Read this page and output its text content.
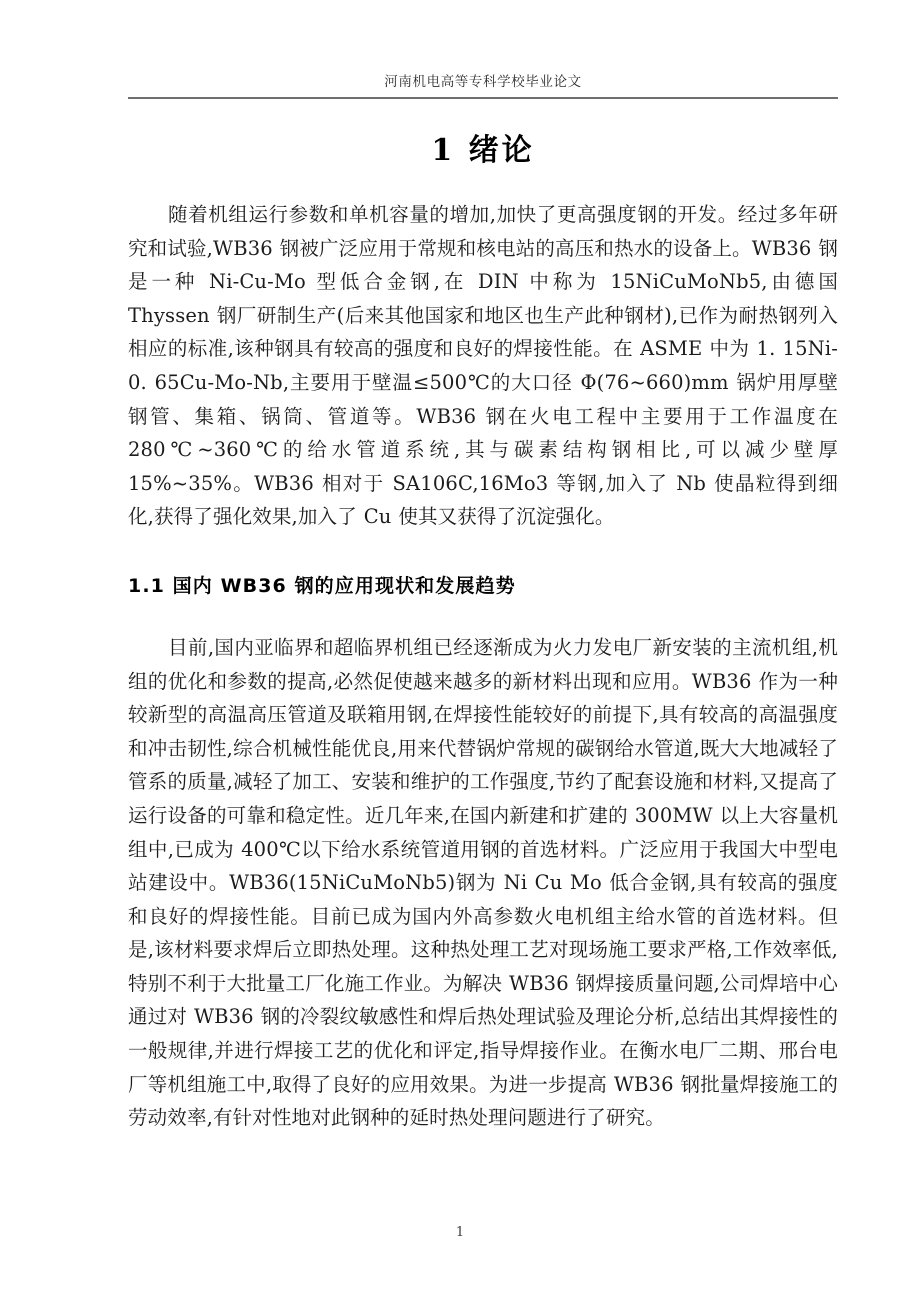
河南机电高等专科学校毕业论文
1 绪论

随着机组运行参数和单机容量的增加,加快了更高强度钢的开发。经过多年研究和试验,WB36 钢被广泛应用于常规和核电站的高压和热水的设备上。WB36 钢是一种 Ni-Cu-Mo 型低合金钢,在 DIN 中称为 15NiCuMoNb5,由德国 Thyssen 钢厂研制生产(后来其他国家和地区也生产此种钢材),已作为耐热钢列入相应的标准,该种钢具有较高的强度和良好的焊接性能。在 ASME 中为 1. 15Ni-0. 65Cu-Mo-Nb,主要用于壁温≤500℃的大口径 Φ(76~660)mm 锅炉用厚壁钢管、集箱、锅筒、管道等。WB36 钢在火电工程中主要用于工作温度在 280℃~360℃的给水管道系统,其与碳素结构钢相比,可以减少壁厚 15%~35%。WB36 相对于 SA106C,16Mo3 等钢,加入了 Nb 使晶粒得到细化,获得了强化效果,加入了 Cu 使其又获得了沉淀强化。

1.1 国内 WB36 钢的应用现状和发展趋势

目前,国内亚临界和超临界机组已经逐渐成为火力发电厂新安装的主流机组,机组的优化和参数的提高,必然促使越来越多的新材料出现和应用。WB36 作为一种较新型的高温高压管道及联箱用钢,在焊接性能较好的前提下,具有较高的高温强度和冲击韧性,综合机械性能优良,用来代替锅炉常规的碳钢给水管道,既大大地减轻了管系的质量,减轻了加工、安装和维护的工作强度,节约了配套设施和材料,又提高了运行设备的可靠和稳定性。近几年来,在国内新建和扩建的 300MW 以上大容量机组中,已成为 400℃以下给水系统管道用钢的首选材料。广泛应用于我国大中型电站建设中。WB36(15NiCuMoNb5)钢为 Ni Cu Mo 低合金钢,具有较高的强度和良好的焊接性能。目前已成为国内外高参数火电机组主给水管的首选材料。但是,该材料要求焊后立即热处理。这种热处理工艺对现场施工要求严格,工作效率低,特别不利于大批量工厂化施工作业。为解决 WB36 钢焊接质量问题,公司焊培中心通过对 WB36 钢的冷裂纹敏感性和焊后热处理试验及理论分析,总结出其焊接性的一般规律,并进行焊接工艺的优化和评定,指导焊接作业。在衡水电厂二期、邢台电厂等机组施工中,取得了良好的应用效果。为进一步提高 WB36 钢批量焊接施工的劳动效率,有针对性地对此钢种的延时热处理问题进行了研究。

1
